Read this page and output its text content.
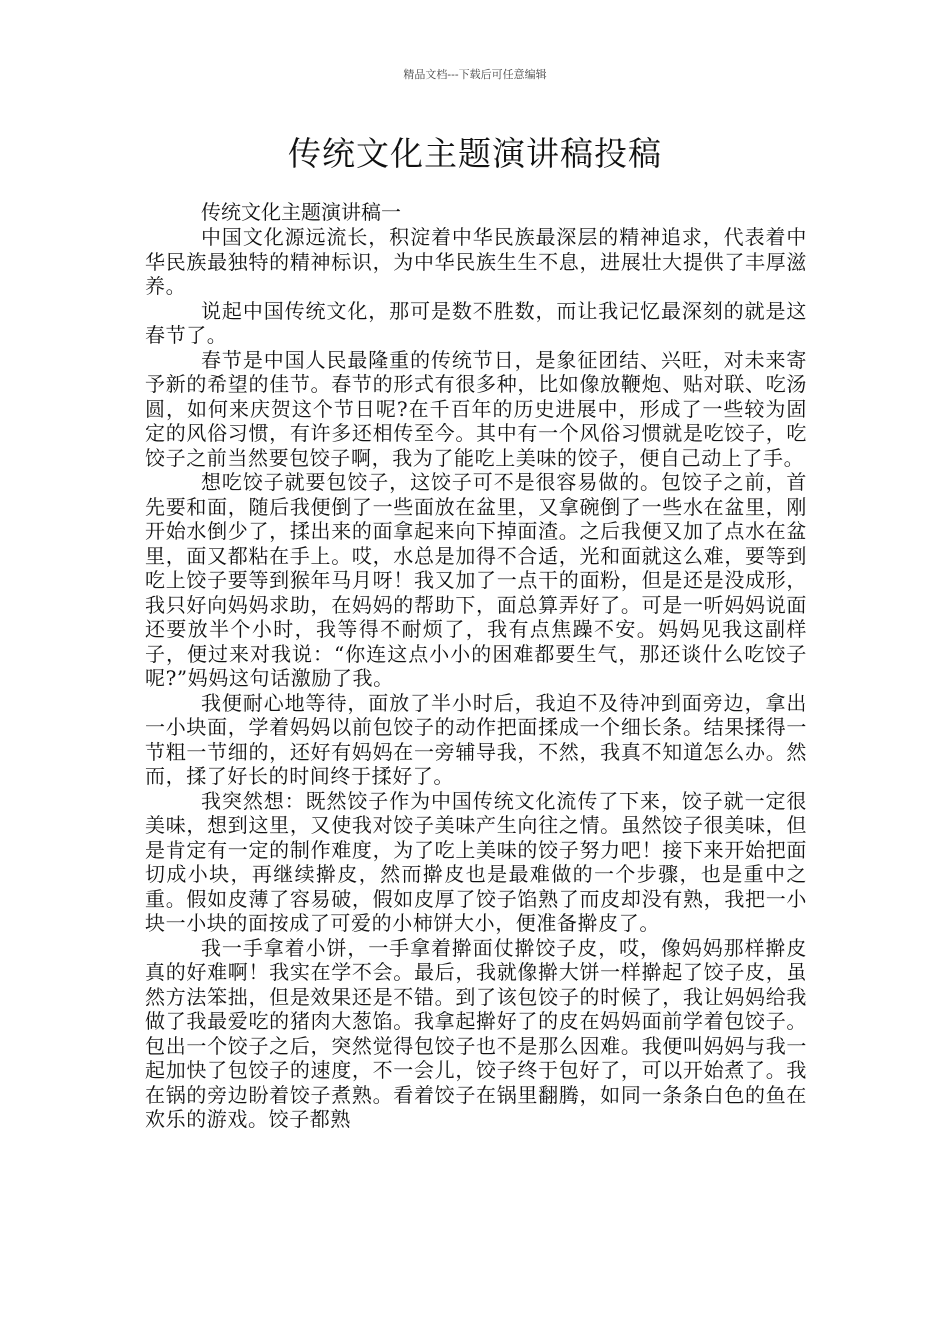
精品文档---下载后可任意编辑
传统文化主题演讲稿投稿

传统文化主题演讲稿一

中国文化源远流长，积淀着中华民族最深层的精神追求，代表着中华民族最独特的精神标识，为中华民族生生不息，进展壮大提供了丰厚滋养。

说起中国传统文化，那可是数不胜数，而让我记忆最深刻的就是这春节了。

春节是中国人民最隆重的传统节日，是象征团结、兴旺，对未来寄予新的希望的佳节。春节的形式有很多种，比如像放鞭炮、贴对联、吃汤圆，如何来庆贺这个节日呢?在千百年的历史进展中，形成了一些较为固定的风俗习惯，有许多还相传至今。其中有一个风俗习惯就是吃饺子，吃饺子之前当然要包饺子啊，我为了能吃上美味的饺子，便自己动上了手。

想吃饺子就要包饺子，这饺子可不是很容易做的。包饺子之前，首先要和面，随后我便倒了一些面放在盆里，又拿碗倒了一些水在盆里，刚开始水倒少了，揉出来的面拿起来向下掉面渣。之后我便又加了点水在盆里，面又都粘在手上。哎，水总是加得不合适，光和面就这么难，要等到吃上饺子要等到猴年马月呀！我又加了一点干的面粉，但是还是没成形，我只好向妈妈求助，在妈妈的帮助下，面总算弄好了。可是一听妈妈说面还要放半个小时，我等得不耐烦了，我有点焦躁不安。妈妈见我这副样子，便过来对我说：“你连这点小小的困难都要生气，那还谈什么吃饺子呢?”妈妈这句话激励了我。

我便耐心地等待，面放了半小时后，我迫不及待冲到面旁边，拿出一小块面，学着妈妈以前包饺子的动作把面揉成一个细长条。结果揉得一节粗一节细的，还好有妈妈在一旁辅导我，不然，我真不知道怎么办。然而，揉了好长的时间终于揉好了。

我突然想：既然饺子作为中国传统文化流传了下来，饺子就一定很美味，想到这里，又使我对饺子美味产生向往之情。虽然饺子很美味，但是肯定有一定的制作难度，为了吃上美味的饺子努力吧！接下来开始把面切成小块，再继续擀皮，然而擀皮也是最难做的一个步骤，也是重中之重。假如皮薄了容易破，假如皮厚了饺子馅熟了而皮却没有熟，我把一小块一小块的面按成了可爱的小柿饼大小，便准备擀皮了。

我一手拿着小饼，一手拿着擀面仗擀饺子皮，哎，像妈妈那样擀皮真的好难啊！我实在学不会。最后，我就像擀大饼一样擀起了饺子皮，虽然方法笨拙，但是效果还是不错。到了该包饺子的时候了，我让妈妈给我做了我最爱吃的猪肉大葱馅。我拿起擀好了的皮在妈妈面前学着包饺子。包出一个饺子之后，突然觉得包饺子也不是那么因难。我便叫妈妈与我一起加快了包饺子的速度，不一会儿，饺子终于包好了，可以开始煮了。我在锅的旁边盼着饺子煮熟。看着饺子在锅里翻腾，如同一条条白色的鱼在欢乐的游戏。饺子都熟
